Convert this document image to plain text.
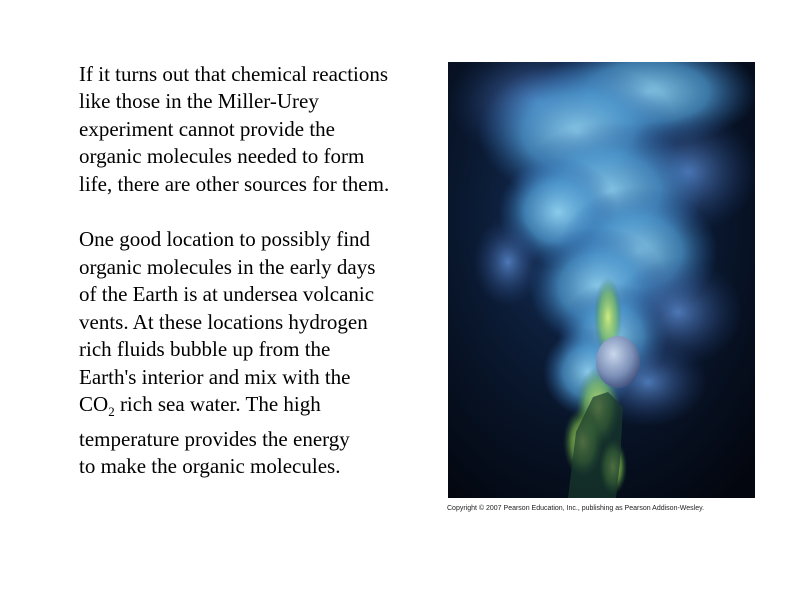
If it turns out that chemical reactions
like those in the Miller-Urey
experiment cannot provide the
organic molecules needed to form
life, there are other sources for them.
One good location to possibly find
organic molecules in the early days
of the Earth is at undersea volcanic
vents. At these locations hydrogen
rich fluids bubble up from the
Earth's interior and mix with the
$CO_2$ rich sea water. The high
temperature provides the energy
to make the organic molecules.
Copyright © 2007 Pearson Education, Inc., publishing as Pearson Addison-Wesley.
